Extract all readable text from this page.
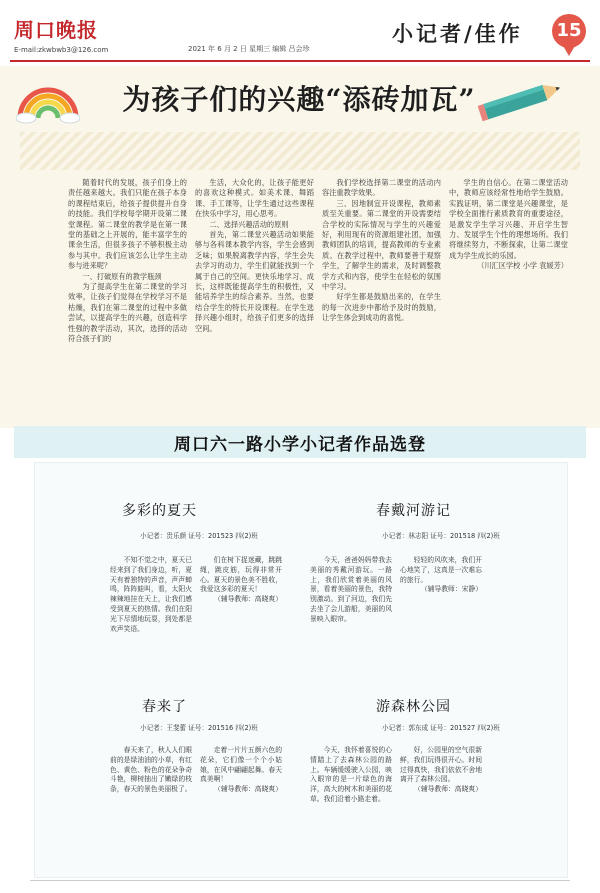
周口晚报
E-mail:zkwbwb3@126.com	2021 年 6 月 2 日 星期三 编辑 吕会珍
小记者/佳作 15
为孩子们的兴趣“添砖加瓦”

随着时代的发展，孩子们身上的责任越来越大。我们只能在孩子本身的课程结束后，给孩子提供提升自身的技能。我们学校每学期开设第二课堂课程。第二课堂的教学是在第一课堂的基础之上开展的，能丰富学生的课余生活，但很多孩子不够积极主动参与其中。我们应该怎么让学生主动参与进来呢？

一、打破原有的教学瓶颈

为了提高学生在第二课堂的学习效率，让孩子们觉得在学校学习不是枯燥，我们在第二课堂的过程中多做尝试，以提高学生的兴趣，创造科学性强的教学活动，其次，选择的活动符合孩子们的

生活，大众化的，让孩子能更好的喜欢这种模式。如美术课、舞蹈课、手工课等，让学生通过这些课程在快乐中学习，用心思考。

二、选择兴趣活动的原则

首先，第二课堂兴趣活动如果能够与各科课本教学内容，学生会感到乏味；如果脱离教学内容，学生会失去学习的动力，学生们就能找到一个属于自己的空间。更快乐地学习、成长，这样既能提高学生的积极性，又能培养学生的综合素养。当然，也要结合学生的特长开设课程。在学生选择兴趣小组时，给孩子们更多的选择空间。

我们学校选择第二课堂的活动内容注重教学效果。

三、因地制宜开设课程，教师素质至关重要。第二课堂的开设需要结合学校的实际情况与学生的兴趣爱好，利用现有的资源组建社团，加强教师团队的培训，提高教师的专业素质。在教学过程中，教师要善于观察学生，了解学生的需求，及时调整教学方式和内容，使学生在轻松的氛围中学习。

好学生都是鼓励出来的，在学生的每一次进步中都给予及时的鼓励，让学生体会到成功的喜悦。

学生的自信心。在第二课堂活动中，教师应该经常性地给学生鼓励。实践证明，第二课堂是兴趣课堂，是学校全面推行素质教育的重要途径，是激发学生学习兴趣、开启学生智力、发展学生个性的理想场所。我们将继续努力，不断探索，让第二课堂成为学生成长的乐园。

（川汇区学校 小学 袁媛芳）

周口六一路小学小记者作品选登
多彩的夏天
小记者：贵乐颜 证号：201523 四(2)班

不知不觉之中，夏天已经来到了我们身边，听，夏天有着独特的声音，声声蝉鸣，阵阵蛙叫，看，太阳火辣辣地挂在天上，让我们感受到夏天的热情。我们在阳光下尽情地玩耍，到处都是欢声笑语。

们在树下捉迷藏，跳跳绳，跳皮筋，玩得非常开心。夏天的景色美不胜收，我爱这多彩的夏天！

（辅导教师：高晓爽）

春戴河游记
小记者：林志阳 证号：201518 四(2)班

今天，爸爸妈妈带我去美丽的秀戴河游玩。一路上，我们欣赏着美丽的风景，看着美丽的景色，我特别激动。到了河边，我们先去坐了会儿游船，美丽的风景映入眼帘。

轻轻的风吹来，我们开心地笑了，这真是一次难忘的旅行。

（辅导教师：宋静）

春来了
小记者：王斐蕾 证号：201516 四(2)班

春天来了，秋人人们眼前的是绿油油的小草，有红色、黄色、粉色的花朵争奇斗艳，柳树抽出了嫩绿的枝条，春天的景色美丽极了。

走着一片片五颜六色的花朵，它们像一个个小姑娘，在风中翩翩起舞。春天真美啊！

（辅导教师：高晓爽）

游森林公园
小记者：郭东成 证号：201527 四(2)班

今天，我怀着喜悦的心情踏上了去森林公园的路上。车辆缓缓驶入公园，映入眼帘的是一片绿色的海洋，高大的树木和美丽的花草。我们沿着小路走着。

好，公园里的空气很新鲜，我们玩得很开心。时间过得真快，我们依依不舍地离开了森林公园。

（辅导教师：高晓爽）
